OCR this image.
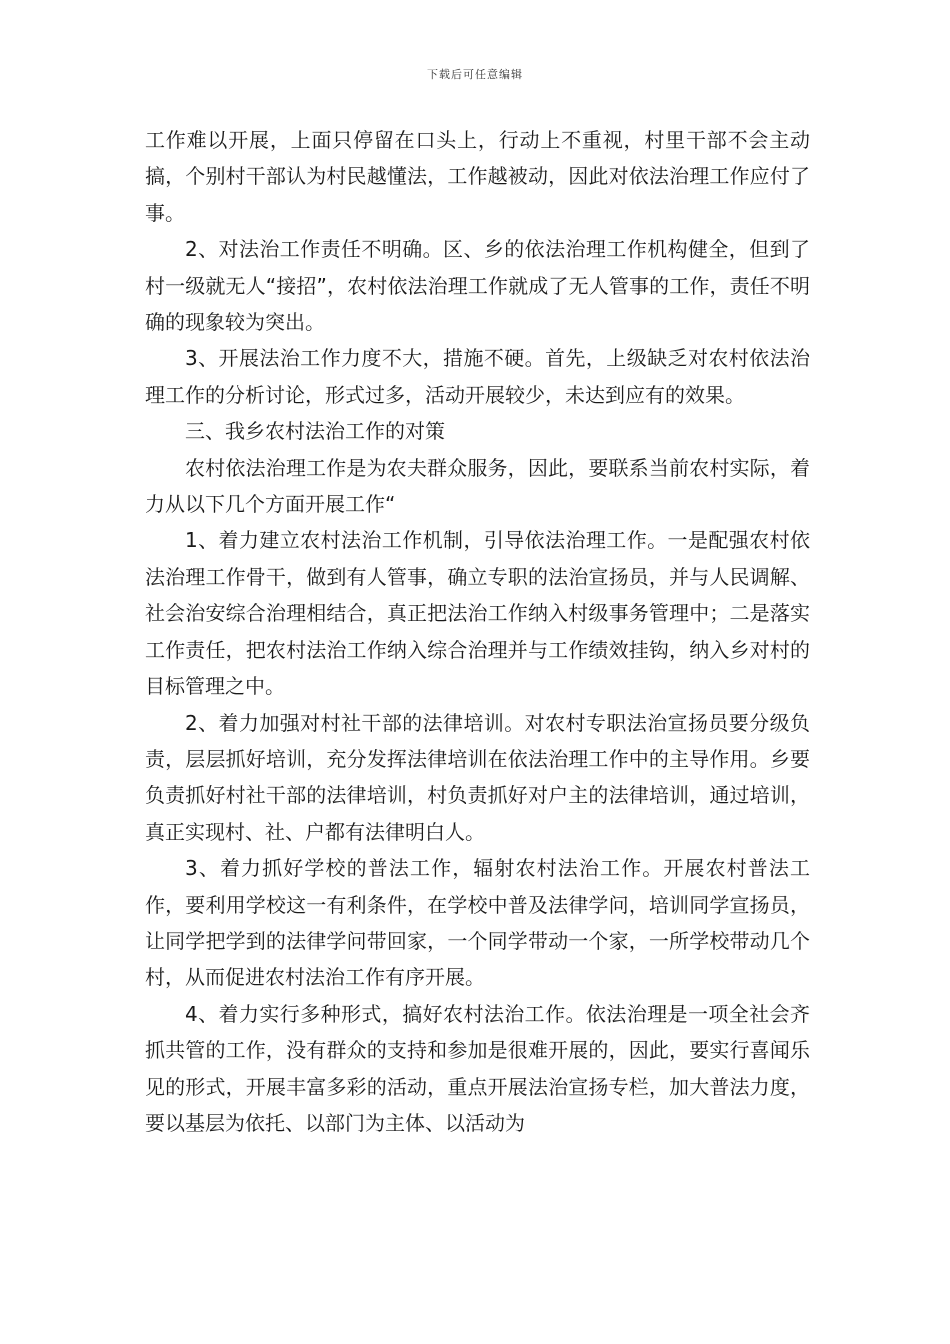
下载后可任意编辑

工作难以开展，上面只停留在口头上，行动上不重视，村里干部不会主动搞，个别村干部认为村民越懂法，工作越被动，因此对依法治理工作应付了事。

2、对法治工作责任不明确。区、乡的依法治理工作机构健全，但到了村一级就无人“接招”，农村依法治理工作就成了无人管事的工作，责任不明确的现象较为突出。

3、开展法治工作力度不大，措施不硬。首先，上级缺乏对农村依法治理工作的分析讨论，形式过多，活动开展较少，未达到应有的效果。

三、我乡农村法治工作的对策

农村依法治理工作是为农夫群众服务，因此，要联系当前农村实际，着力从以下几个方面开展工作“

1、着力建立农村法治工作机制，引导依法治理工作。一是配强农村依法治理工作骨干，做到有人管事，确立专职的法治宣扬员，并与人民调解、社会治安综合治理相结合，真正把法治工作纳入村级事务管理中；二是落实工作责任，把农村法治工作纳入综合治理并与工作绩效挂钩，纳入乡对村的目标管理之中。

2、着力加强对村社干部的法律培训。对农村专职法治宣扬员要分级负责，层层抓好培训，充分发挥法律培训在依法治理工作中的主导作用。乡要负责抓好村社干部的法律培训，村负责抓好对户主的法律培训，通过培训，真正实现村、社、户都有法律明白人。

3、着力抓好学校的普法工作，辐射农村法治工作。开展农村普法工作，要利用学校这一有利条件，在学校中普及法律学问，培训同学宣扬员，让同学把学到的法律学问带回家，一个同学带动一个家，一所学校带动几个村，从而促进农村法治工作有序开展。

4、着力实行多种形式，搞好农村法治工作。依法治理是一项全社会齐抓共管的工作，没有群众的支持和参加是很难开展的，因此，要实行喜闻乐见的形式，开展丰富多彩的活动，重点开展法治宣扬专栏，加大普法力度，要以基层为依托、以部门为主体、以活动为
